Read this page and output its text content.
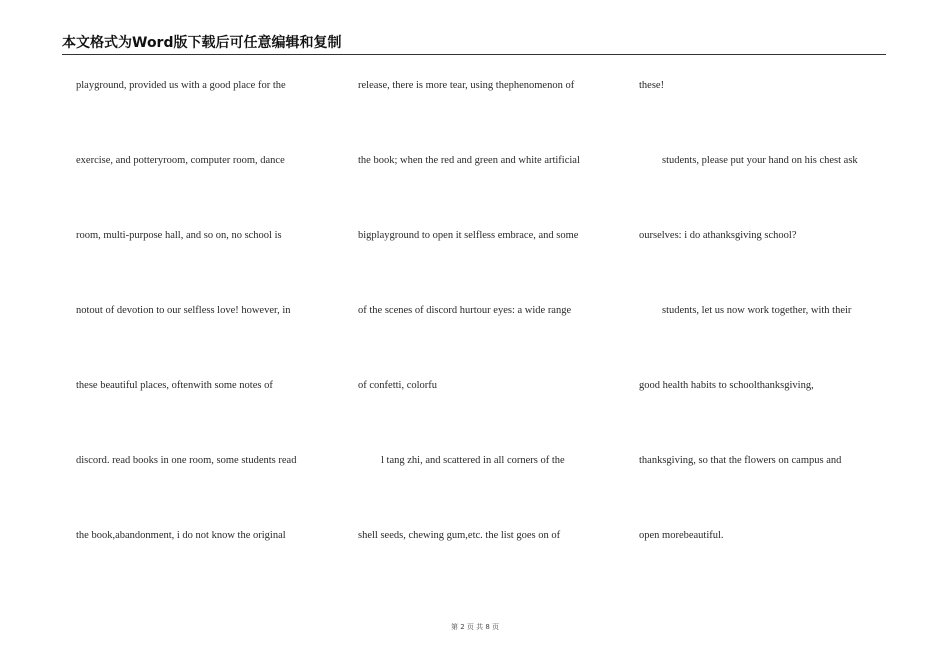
本文格式为Word版下载后可任意编辑和复制
playground, provided us with a good place for the
exercise, and potteryroom, computer room, dance
room, multi-purpose hall, and so on, no school is
notout of devotion to our selfless love! however, in
these beautiful places, oftenwith some notes of
discord. read books in one room, some students read
the book,abandonment, i do not know the original
release, there is more tear, using thephenomenon of
the book; when the red and green and white artificial
bigplayground to open it selfless embrace, and some
of the scenes of discord hurtour eyes: a wide range
of confetti, colorfu
l tang zhi, and scattered in all corners of the
shell seeds, chewing gum,etc. the list goes on of
these!
students, please put your hand on his chest ask
ourselves: i do athanksgiving school?
students, let us now work together, with their
good health habits to schoolthanksgiving,
thanksgiving, so that the flowers on campus and
open morebeautiful.
第 2 页 共 8 页
